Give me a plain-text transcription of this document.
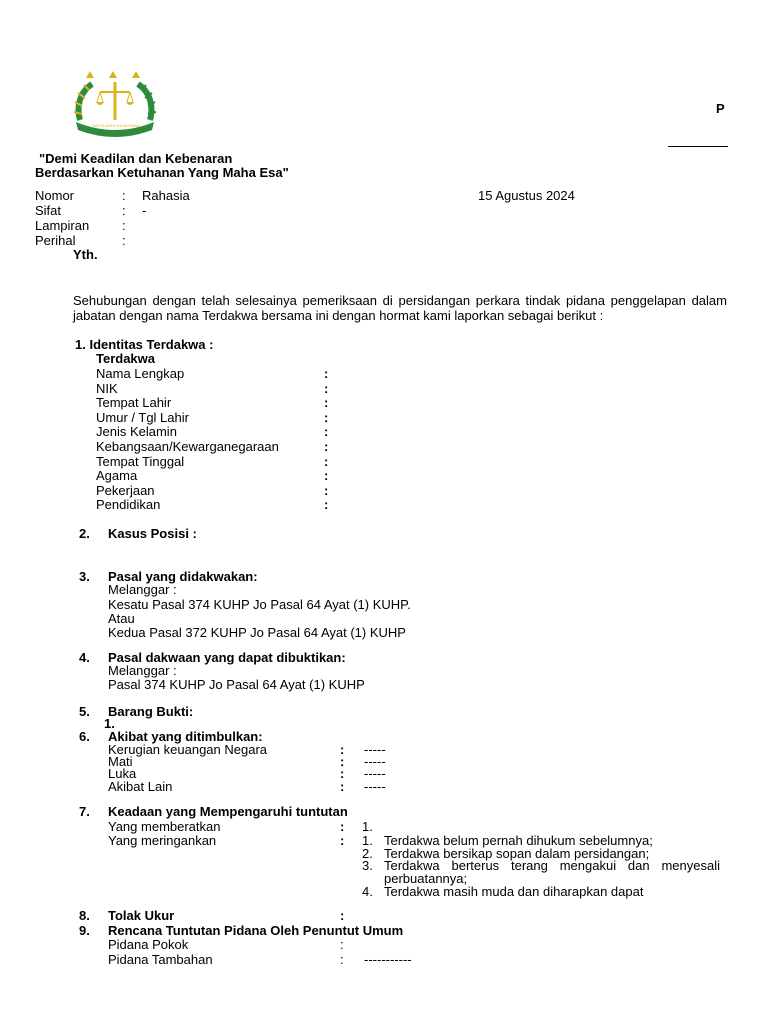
SATYA ADHI WICAKSANA
P
"Demi Keadilan dan Kebenaran
Berdasarkan Ketuhanan Yang Maha Esa"
Nomor	: Rahasia	15 Agustus 2024
Sifat	: -
Lampiran	:
Perihal	:
Yth.
Sehubungan dengan telah selesainya pemeriksaan di persidangan perkara tindak pidana penggelapan dalam jabatan dengan nama Terdakwa bersama ini dengan hormat kami laporkan sebagai berikut :
1. Identitas Terdakwa :
Terdakwa
Nama Lengkap	:
NIK	:
Tempat Lahir	:
Umur / Tgl Lahir	:
Jenis Kelamin	:
Kebangsaan/Kewarganegaraan	:
Tempat Tinggal	:
Agama	:
Pekerjaan	:
Pendidikan	:
2. Kasus Posisi :
3. Pasal yang didakwakan:
Melanggar :
Kesatu Pasal 374 KUHP Jo Pasal 64 Ayat (1) KUHP.
Atau
Kedua Pasal 372 KUHP Jo Pasal 64 Ayat (1) KUHP
4. Pasal dakwaan yang dapat dibuktikan:
Melanggar :
Pasal 374 KUHP Jo Pasal 64 Ayat (1) KUHP
5. Barang Bukti:
1.
6. Akibat yang ditimbulkan:
Kerugian keuangan Negara	: -----
Mati	: -----
Luka	: -----
Akibat Lain	: -----
7. Keadaan yang Mempengaruhi tuntutan
Yang memberatkan	: 1.
Yang meringankan	: 1. Terdakwa belum pernah dihukum sebelumnya;
2. Terdakwa bersikap sopan dalam persidangan;
3. Terdakwa berterus terang mengakui dan menyesali
perbuatannya;
4. Terdakwa masih muda dan diharapkan dapat
8. Tolak Ukur	:
9. Rencana Tuntutan Pidana Oleh Penuntut Umum
Pidana Pokok	:
Pidana Tambahan	: -----------
